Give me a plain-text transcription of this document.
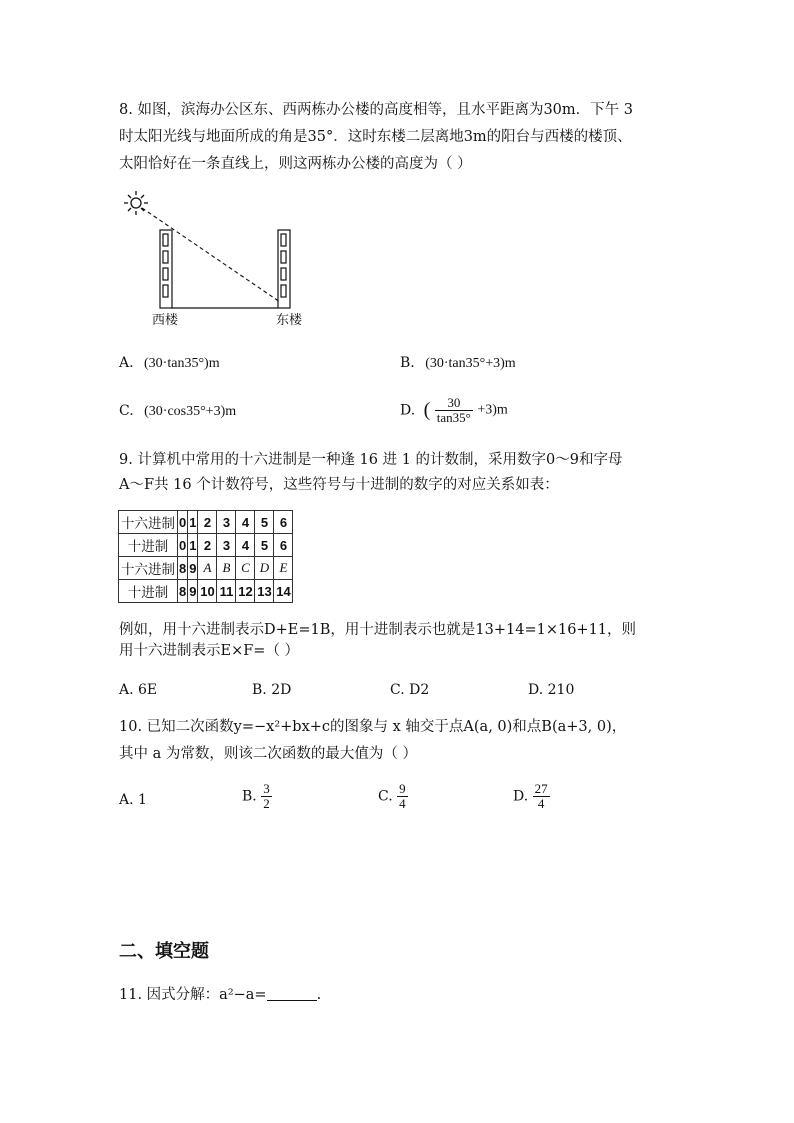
8. 如图，滨海办公区东、西两栋办公楼的高度相等，且水平距离为30m．下午 3
时太阳光线与地面所成的角是35°．这时东楼二层离地3m的阳台与西楼的楼顶、
太阳恰好在一条直线上，则这两栋办公楼的高度为（ ）
西楼	东楼
A. (30·tan35°)m	B. (30·tan35°+3)m
C. (30·cos35°+3)m	D. ( $\frac{30}{\tan 35^\circ} +3)m$
9. 计算机中常用的十六进制是一种逢 16 进 1 的计数制，采用数字0～9和字母
A～F共 16 个计数符号，这些符号与十进制的数字的对应关系如表：
十六进制	0	1	2	3	4	5	6
十进制	0	1	2	3	4	5	6
十六进制	8	9	A	B	C	D	E
十进制	8	9	10	11	12	13	14
例如，用十六进制表示D+E=1B，用十进制表示也就是13+14=1×16+11，则
用十六进制表示E×F=（ ）
A. 6E	B. 2D	C. D2	D. 210
10. 已知二次函数y=−x²+bx+c的图象与 x 轴交于点A(a, 0)和点B(a+3, 0)，
其中 a 为常数，则该二次函数的最大值为（ ）
A. 1	B. $\frac{3}{2}$	C. $\frac{9}{4}$	D. $\frac{27}{4}$
二、填空题
11. 因式分解：a²−a=	.
